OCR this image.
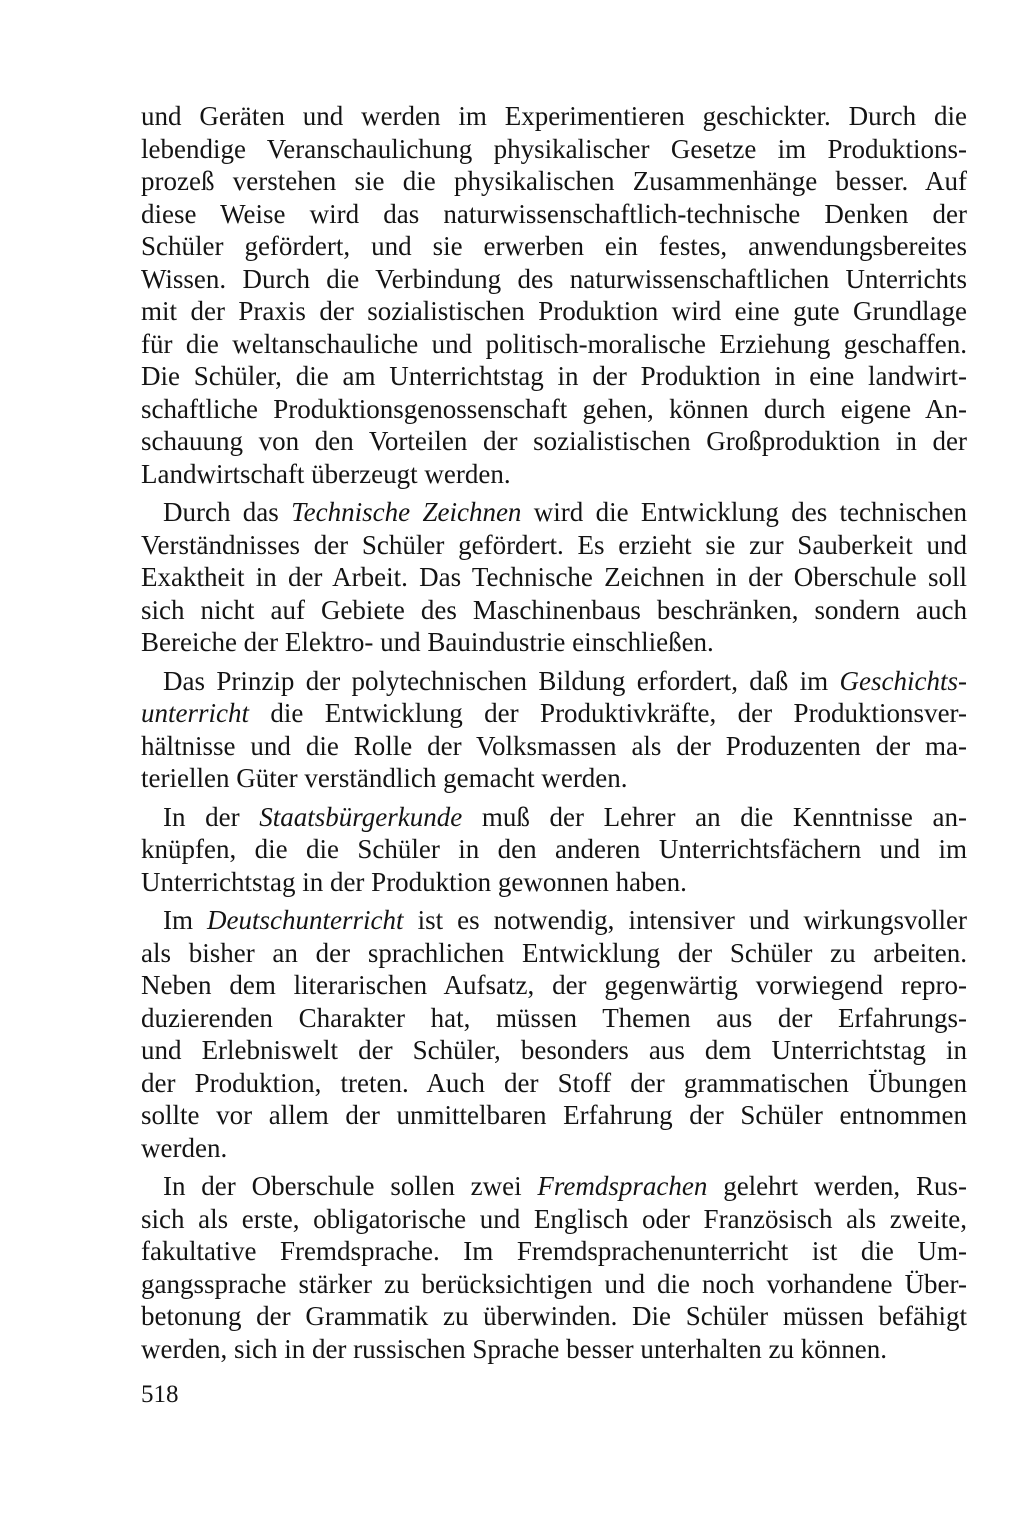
und Geräten und werden im Experimentieren geschickter. Durch die
lebendige Veranschaulichung physikalischer Gesetze im Produktions-
prozeß verstehen sie die physikalischen Zusammenhänge besser. Auf
diese Weise wird das naturwissenschaftlich-technische Denken der
Schüler gefördert, und sie erwerben ein festes, anwendungsbereites
Wissen. Durch die Verbindung des naturwissenschaftlichen Unterrichts
mit der Praxis der sozialistischen Produktion wird eine gute Grundlage
für die weltanschauliche und politisch-moralische Erziehung geschaffen.
Die Schüler, die am Unterrichtstag in der Produktion in eine landwirt-
schaftliche Produktionsgenossenschaft gehen, können durch eigene An-
schauung von den Vorteilen der sozialistischen Großproduktion in der
Landwirtschaft überzeugt werden.
Durch das Technische Zeichnen wird die Entwicklung des technischen
Verständnisses der Schüler gefördert. Es erzieht sie zur Sauberkeit und
Exaktheit in der Arbeit. Das Technische Zeichnen in der Oberschule soll
sich nicht auf Gebiete des Maschinenbaus beschränken, sondern auch
Bereiche der Elektro- und Bauindustrie einschließen.
Das Prinzip der polytechnischen Bildung erfordert, daß im Geschichts-
unterricht die Entwicklung der Produktivkräfte, der Produktionsver-
hältnisse und die Rolle der Volksmassen als der Produzenten der ma-
teriellen Güter verständlich gemacht werden.
In der Staatsbürgerkunde muß der Lehrer an die Kenntnisse an-
knüpfen, die die Schüler in den anderen Unterrichtsfächern und im
Unterrichtstag in der Produktion gewonnen haben.
Im Deutschunterricht ist es notwendig, intensiver und wirkungsvoller
als bisher an der sprachlichen Entwicklung der Schüler zu arbeiten.
Neben dem literarischen Aufsatz, der gegenwärtig vorwiegend repro-
duzierenden Charakter hat, müssen Themen aus der Erfahrungs-
und Erlebniswelt der Schüler, besonders aus dem Unterrichtstag in
der Produktion, treten. Auch der Stoff der grammatischen Übungen
sollte vor allem der unmittelbaren Erfahrung der Schüler entnommen
werden.
In der Oberschule sollen zwei Fremdsprachen gelehrt werden, Rus-
sich als erste, obligatorische und Englisch oder Französisch als zweite,
fakultative Fremdsprache. Im Fremdsprachenunterricht ist die Um-
gangssprache stärker zu berücksichtigen und die noch vorhandene Über-
betonung der Grammatik zu überwinden. Die Schüler müssen befähigt
werden, sich in der russischen Sprache besser unterhalten zu können.
518
